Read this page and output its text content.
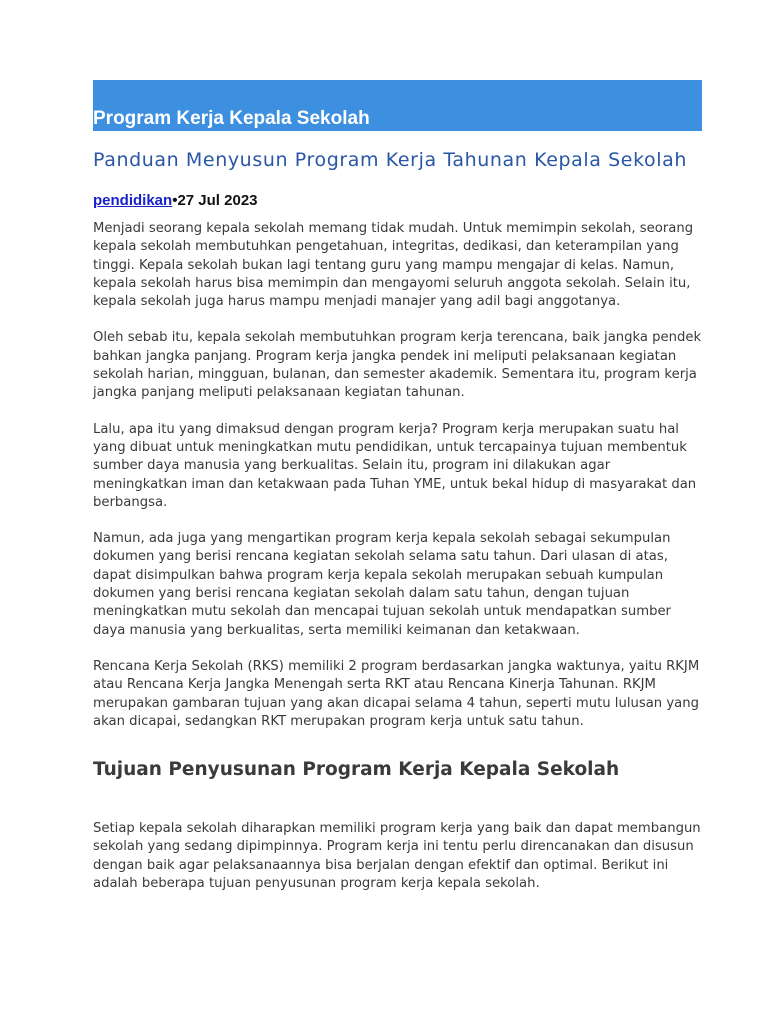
Program Kerja Kepala Sekolah
Panduan Menyusun Program Kerja Tahunan Kepala Sekolah
pendidikan•27 Jul 2023

Menjadi seorang kepala sekolah memang tidak mudah. Untuk memimpin sekolah, seorang kepala sekolah membutuhkan pengetahuan, integritas, dedikasi, dan keterampilan yang tinggi. Kepala sekolah bukan lagi tentang guru yang mampu mengajar di kelas. Namun, kepala sekolah harus bisa memimpin dan mengayomi seluruh anggota sekolah. Selain itu, kepala sekolah juga harus mampu menjadi manajer yang adil bagi anggotanya.

Oleh sebab itu, kepala sekolah membutuhkan program kerja terencana, baik jangka pendek bahkan jangka panjang. Program kerja jangka pendek ini meliputi pelaksanaan kegiatan sekolah harian, mingguan, bulanan, dan semester akademik. Sementara itu, program kerja jangka panjang meliputi pelaksanaan kegiatan tahunan.

Lalu, apa itu yang dimaksud dengan program kerja? Program kerja merupakan suatu hal yang dibuat untuk meningkatkan mutu pendidikan, untuk tercapainya tujuan membentuk sumber daya manusia yang berkualitas. Selain itu, program ini dilakukan agar meningkatkan iman dan ketakwaan pada Tuhan YME, untuk bekal hidup di masyarakat dan berbangsa.

Namun, ada juga yang mengartikan program kerja kepala sekolah sebagai sekumpulan dokumen yang berisi rencana kegiatan sekolah selama satu tahun. Dari ulasan di atas, dapat disimpulkan bahwa program kerja kepala sekolah merupakan sebuah kumpulan dokumen yang berisi rencana kegiatan sekolah dalam satu tahun, dengan tujuan meningkatkan mutu sekolah dan mencapai tujuan sekolah untuk mendapatkan sumber daya manusia yang berkualitas, serta memiliki keimanan dan ketakwaan.

Rencana Kerja Sekolah (RKS) memiliki 2 program berdasarkan jangka waktunya, yaitu RKJM atau Rencana Kerja Jangka Menengah serta RKT atau Rencana Kinerja Tahunan. RKJM merupakan gambaran tujuan yang akan dicapai selama 4 tahun, seperti mutu lulusan yang akan dicapai, sedangkan RKT merupakan program kerja untuk satu tahun.

Tujuan Penyusunan Program Kerja Kepala Sekolah

Setiap kepala sekolah diharapkan memiliki program kerja yang baik dan dapat membangun sekolah yang sedang dipimpinnya. Program kerja ini tentu perlu direncanakan dan disusun dengan baik agar pelaksanaannya bisa berjalan dengan efektif dan optimal. Berikut ini adalah beberapa tujuan penyusunan program kerja kepala sekolah.
